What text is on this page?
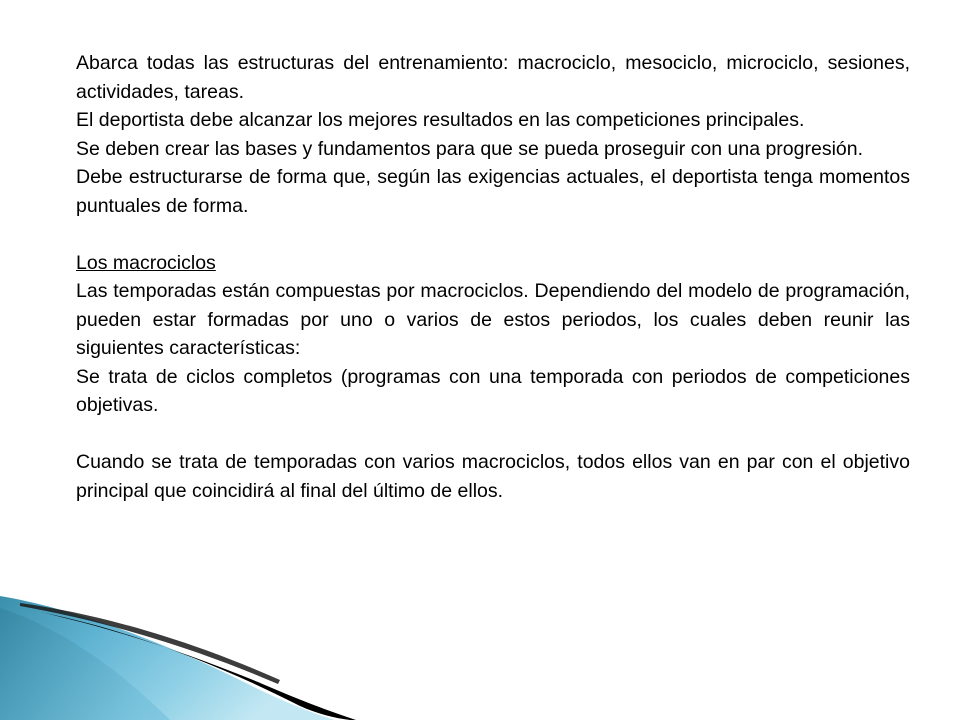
Abarca todas las estructuras del entrenamiento: macrociclo, mesociclo, microciclo, sesiones, actividades, tareas.

El deportista debe alcanzar los mejores resultados en las competiciones principales.

Se deben crear las bases y fundamentos para que se pueda proseguir con una progresión.

Debe estructurarse de forma que, según las exigencias actuales, el deportista tenga momentos puntuales de forma.

Los macrociclos

Las temporadas están compuestas por macrociclos. Dependiendo del modelo de programación, pueden estar formadas por uno o varios de estos periodos, los cuales deben reunir las siguientes características:

Se trata de ciclos completos (programas con una temporada con periodos de competiciones objetivas.

Cuando se trata de temporadas con varios macrociclos, todos ellos van en par con el objetivo principal que coincidirá al final del último de ellos.
